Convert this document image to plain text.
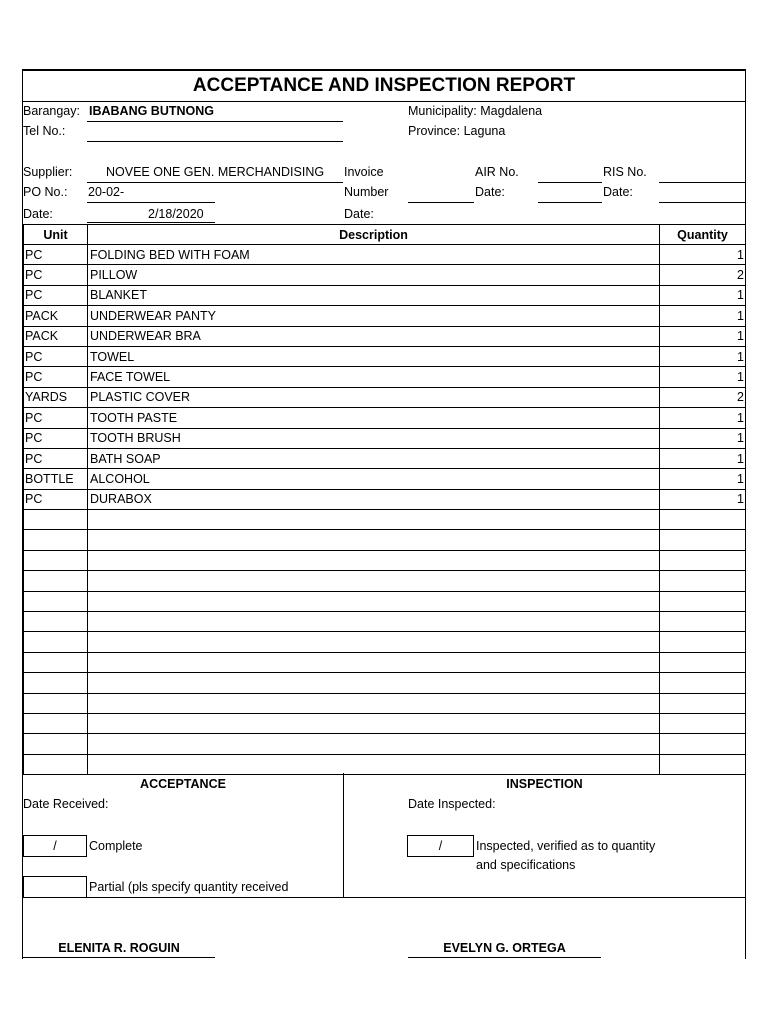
ACCEPTANCE AND INSPECTION REPORT
Barangay: IBABANG BUTNONG
Tel No.:
Municipality: Magdalena
Province: Laguna
Supplier:	NOVEE ONE GEN. MERCHANDISING
PO No.: 20-02-
Date:	2/18/2020
Invoice
Number
Date:
AIR No.
Date:
RIS No.
Date:
Unit	Description	Quantity
PC	FOLDING BED WITH FOAM	1
PC	PILLOW	2
PC	BLANKET	1
PACK	UNDERWEAR PANTY	1
PACK	UNDERWEAR BRA	1
PC	TOWEL	1
PC	FACE TOWEL	1
YARDS	PLASTIC COVER	2
PC	TOOTH PASTE	1
PC	TOOTH BRUSH	1
PC	BATH SOAP	1
BOTTLE	ALCOHOL	1
PC	DURABOX	1

ACCEPTANCE
Date Received:
/	Complete
Partial (pls specify quantity received
INSPECTION
Date Inspected:
/	Inspected, verified as to quantity
and specifications
ELENITA R. ROGUIN	EVELYN G. ORTEGA
